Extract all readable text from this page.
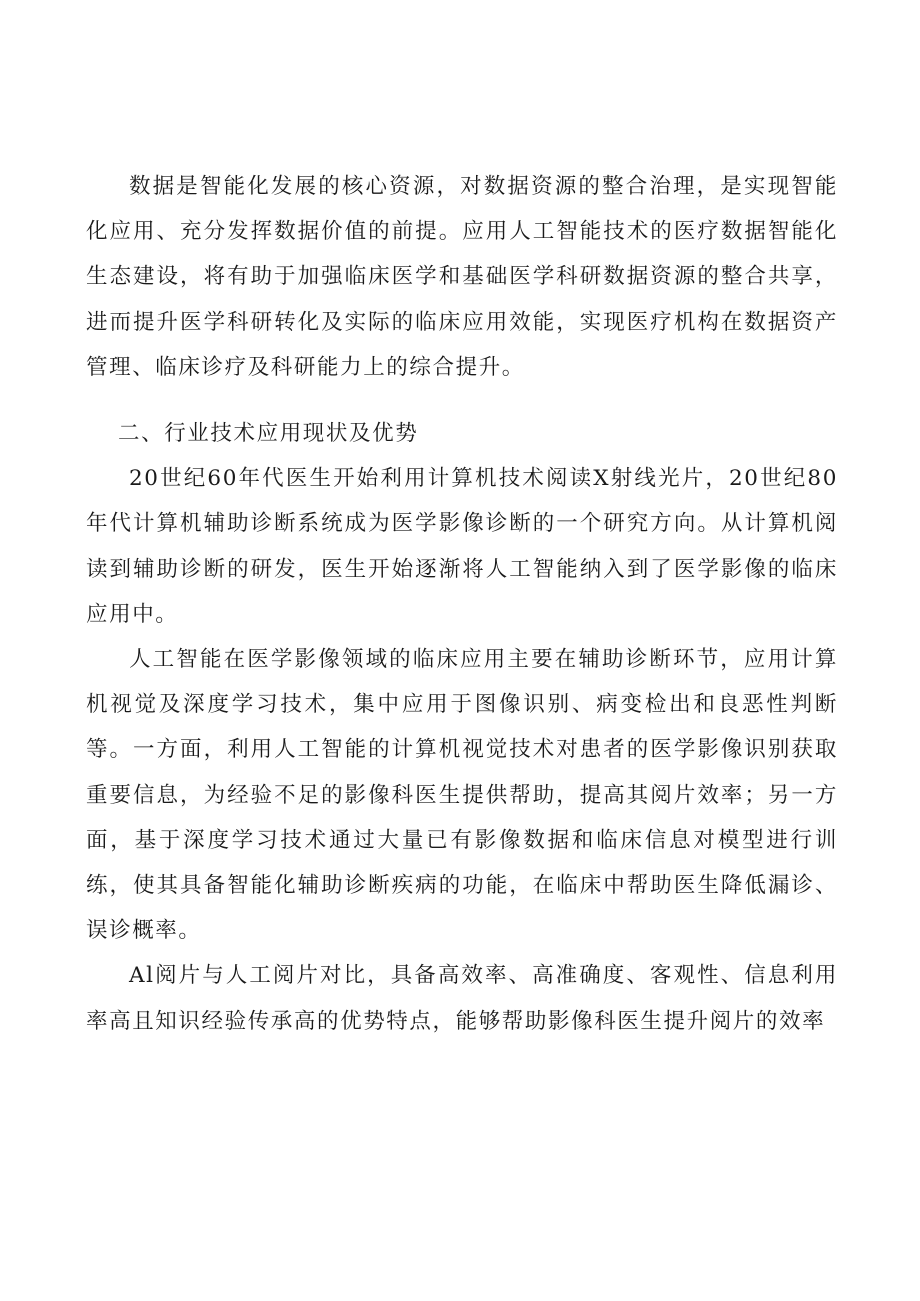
数据是智能化发展的核心资源，对数据资源的整合治理，是实现智能化应用、充分发挥数据价值的前提。应用人工智能技术的医疗数据智能化生态建设，将有助于加强临床医学和基础医学科研数据资源的整合共享，进而提升医学科研转化及实际的临床应用效能，实现医疗机构在数据资产管理、临床诊疗及科研能力上的综合提升。

二、行业技术应用现状及优势

20世纪60年代医生开始利用计算机技术阅读X射线光片，20世纪80年代计算机辅助诊断系统成为医学影像诊断的一个研究方向。从计算机阅读到辅助诊断的研发，医生开始逐渐将人工智能纳入到了医学影像的临床应用中。

人工智能在医学影像领域的临床应用主要在辅助诊断环节，应用计算机视觉及深度学习技术，集中应用于图像识别、病变检出和良恶性判断等。一方面，利用人工智能的计算机视觉技术对患者的医学影像识别获取重要信息，为经验不足的影像科医生提供帮助，提高其阅片效率；另一方面，基于深度学习技术通过大量已有影像数据和临床信息对模型进行训练，使其具备智能化辅助诊断疾病的功能，在临床中帮助医生降低漏诊、误诊概率。

Al阅片与人工阅片对比，具备高效率、高准确度、客观性、信息利用率高且知识经验传承高的优势特点，能够帮助影像科医生提升阅片的效率
